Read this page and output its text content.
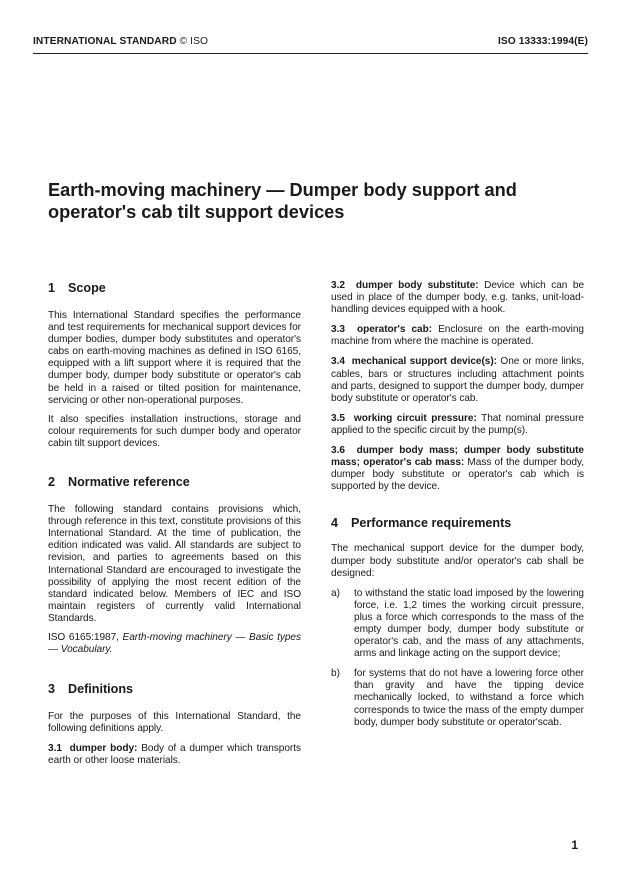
INTERNATIONAL STANDARD © ISO	ISO 13333:1994(E)
Earth-moving machinery — Dumper body support and operator's cab tilt support devices
1 Scope

This International Standard specifies the performance and test requirements for mechanical support devices for dumper bodies, dumper body substitutes and operator's cabs on earth-moving machines as defined in ISO 6165, equipped with a lift support where it is required that the dumper body, dumper body substitute or operator's cab be held in a raised or tilted position for maintenance, servicing or other non-operational purposes.

It also specifies installation instructions, storage and colour requirements for such dumper body and operator cabin tilt support devices.

2 Normative reference

The following standard contains provisions which, through reference in this text, constitute provisions of this International Standard. At the time of publication, the edition indicated was valid. All standards are subject to revision, and parties to agreements based on this International Standard are encouraged to investigate the possibility of applying the most recent edition of the standard indicated below. Members of IEC and ISO maintain registers of currently valid International Standards.

ISO 6165:1987, Earth-moving machinery — Basic types — Vocabulary.

3 Definitions

For the purposes of this International Standard, the following definitions apply.

3.1 dumper body: Body of a dumper which transports earth or other loose materials.

3.2 dumper body substitute: Device which can be used in place of the dumper body, e.g. tanks, unit-load-handling devices equipped with a hook.

3.3 operator's cab: Enclosure on the earth-moving machine from where the machine is operated.

3.4 mechanical support device(s): One or more links, cables, bars or structures including attachment points and parts, designed to support the dumper body, dumper body substitute or operator's cab.

3.5 working circuit pressure: That nominal pressure applied to the specific circuit by the pump(s).

3.6 dumper body mass; dumper body substitute mass; operator's cab mass: Mass of the dumper body, dumper body substitute or operator's cab which is supported by the device.

4 Performance requirements

The mechanical support device for the dumper body, dumper body substitute and/or operator's cab shall be designed:

a) to withstand the static load imposed by the lowering force, i.e. 1,2 times the working circuit pressure, plus a force which corresponds to the mass of the empty dumper body, dumper body substitute or operator's cab, and the mass of any attachments, arms and linkage acting on the support device;
b) for systems that do not have a lowering force other than gravity and have the tipping device mechanically locked, to withstand a force which corresponds to twice the mass of the empty dumper body, dumper body substitute or operator'scab.
1
